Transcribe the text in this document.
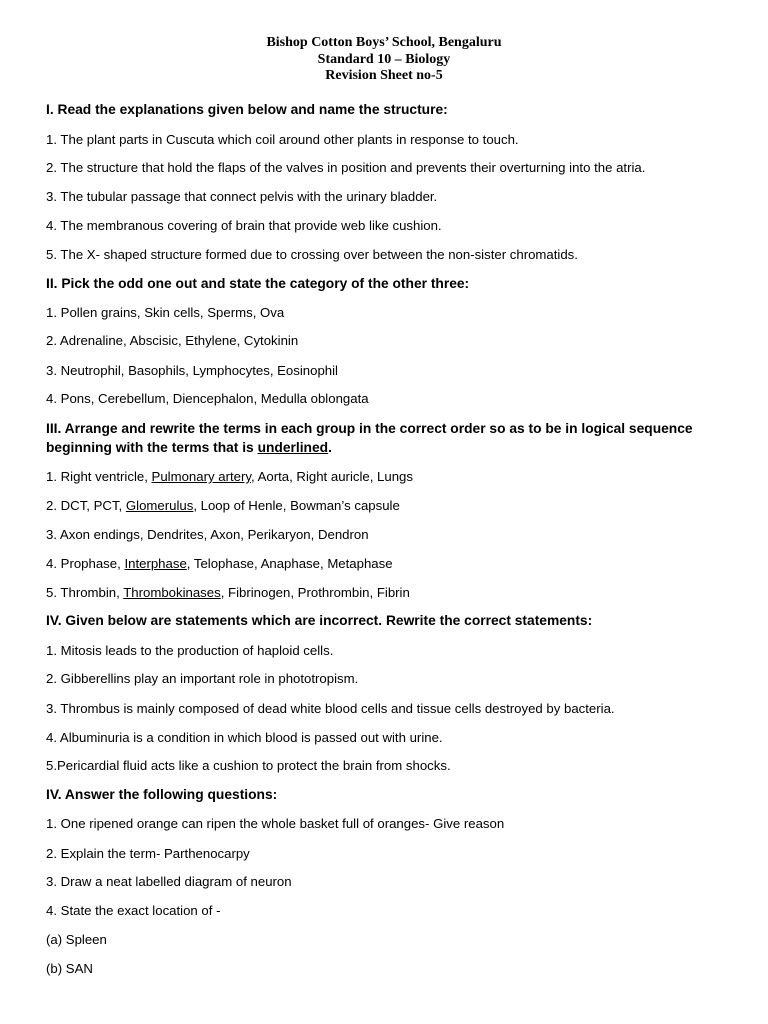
Bishop Cotton Boys’ School, Bengaluru
Standard 10 – Biology
Revision Sheet no-5
I. Read the explanations given below and name the structure:
1. The plant parts in Cuscuta which coil around other plants in response to touch.
2. The structure that hold the flaps of the valves in position and prevents their overturning into the atria.
3. The tubular passage that connect pelvis with the urinary bladder.
4. The membranous covering of brain that provide web like cushion.
5. The X- shaped structure formed due to crossing over between the non-sister chromatids.
II. Pick the odd one out and state the category of the other three:
1. Pollen grains, Skin cells, Sperms, Ova
2. Adrenaline, Abscisic, Ethylene, Cytokinin
3. Neutrophil, Basophils, Lymphocytes, Eosinophil
4. Pons, Cerebellum, Diencephalon, Medulla oblongata
III. Arrange and rewrite the terms in each group in the correct order so as to be in logical sequence
beginning with the terms that is underlined.
1. Right ventricle, Pulmonary artery, Aorta, Right auricle, Lungs
2. DCT, PCT, Glomerulus, Loop of Henle, Bowman’s capsule
3. Axon endings, Dendrites, Axon, Perikaryon, Dendron
4. Prophase, Interphase, Telophase, Anaphase, Metaphase
5. Thrombin, Thrombokinases, Fibrinogen, Prothrombin, Fibrin
IV. Given below are statements which are incorrect. Rewrite the correct statements:
1. Mitosis leads to the production of haploid cells.
2. Gibberellins play an important role in phototropism.
3. Thrombus is mainly composed of dead white blood cells and tissue cells destroyed by bacteria.
4. Albuminuria is a condition in which blood is passed out with urine.
5.Pericardial fluid acts like a cushion to protect the brain from shocks.
IV. Answer the following questions:
1. One ripened orange can ripen the whole basket full of oranges- Give reason
2. Explain the term- Parthenocarpy
3. Draw a neat labelled diagram of neuron
4. State the exact location of -
(a) Spleen
(b) SAN
